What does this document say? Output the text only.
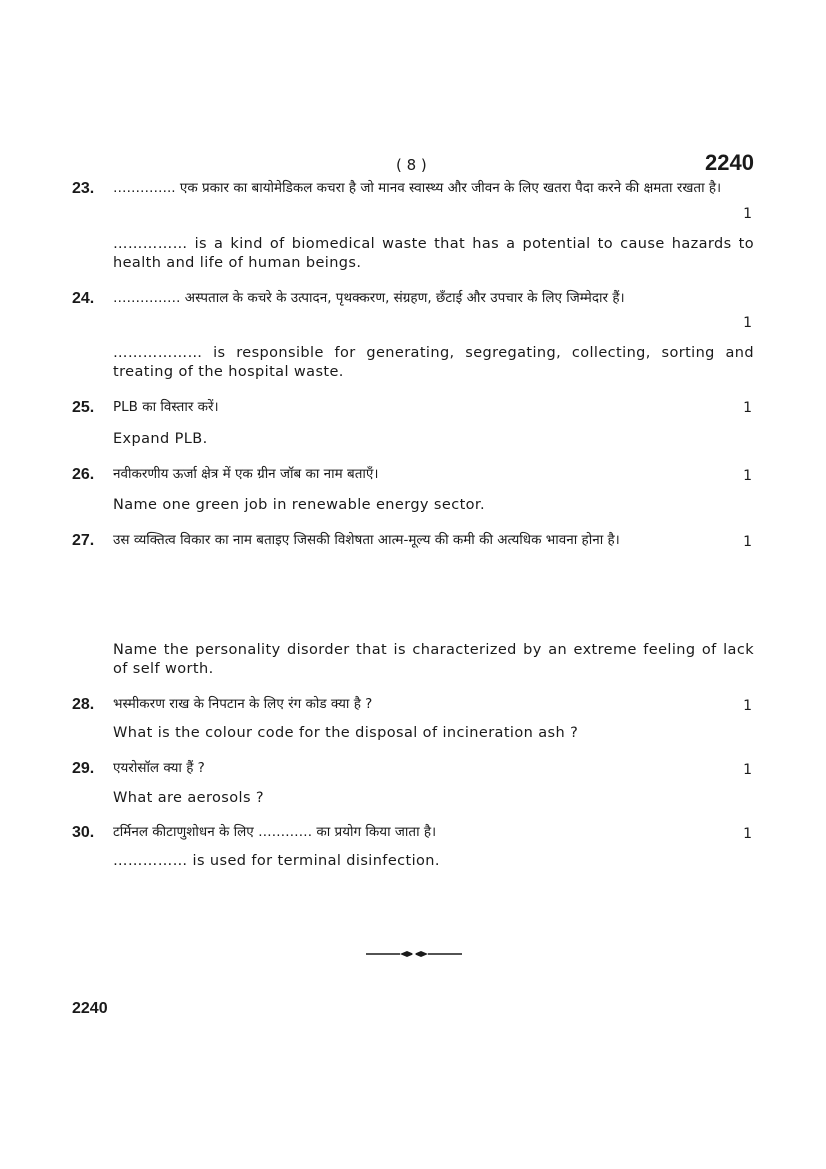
( 8 )	2240
23.	………….. एक प्रकार का बायोमेडिकल कचरा है जो मानव स्वास्थ्य और जीवन के लिए खतरा पैदा करने की क्षमता रखता है।
1
…………… is a kind of biomedical waste that has a potential to cause hazards to health and life of human beings.
24.	…………… अस्पताल के कचरे के उत्पादन, पृथक्करण, संग्रहण, छँटाई और उपचार के लिए जिम्मेदार हैं।
1
……………… is responsible for generating, segregating, collecting, sorting and treating of the hospital waste.
25.	PLB का विस्तार करें।	1
Expand PLB.
26.	नवीकरणीय ऊर्जा क्षेत्र में एक ग्रीन जॉब का नाम बताएँ।	1
Name one green job in renewable energy sector.
27.	उस व्यक्तित्व विकार का नाम बताइए जिसकी विशेषता आत्म-मूल्य की कमी की अत्यधिक भावना होना है।	1
Name the personality disorder that is characterized by an extreme feeling of lack of self worth.
28.	भस्मीकरण राख के निपटान के लिए रंग कोड क्या है ?	1
What is the colour code for the disposal of incineration ash ?
29.	एयरोसॉल क्या हैं ?	1
What are aerosols ?
30.	टर्मिनल कीटाणुशोधन के लिए ………… का प्रयोग किया जाता है।	1
…………… is used for terminal disinfection.
2240
